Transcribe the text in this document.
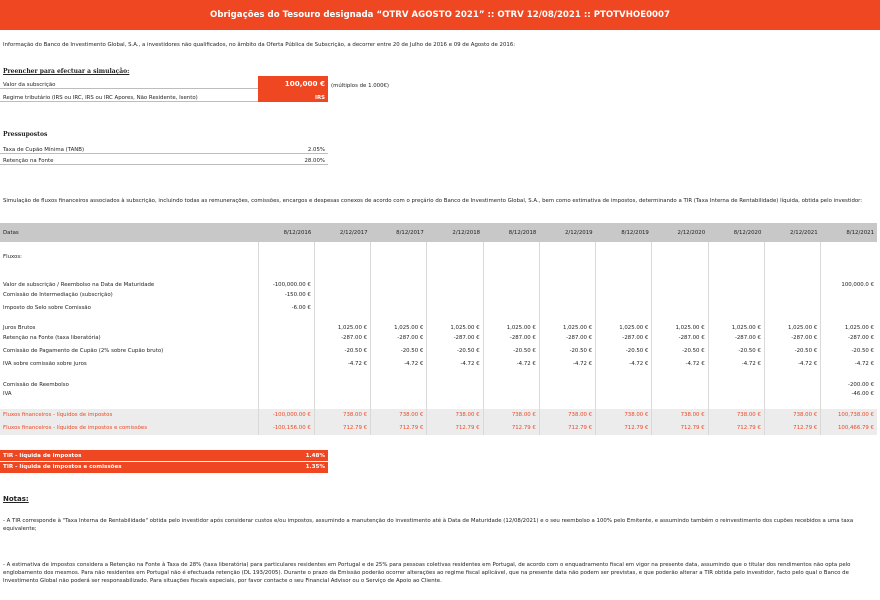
Obrigações do Tesouro designada “OTRV AGOSTO 2021” :: OTRV 12/08/2021 :: PTOTVHOE0007
Informação do Banco de Investimento Global, S.A., a investidores não qualificados, no âmbito da Oferta Pública de Subscrição, a decorrer entre 20 de Julho de 2016 e 09 de Agosto de 2016:
Preencher para efectuar a simulação:
Valor da subscrição	100,000 €	(múltiplos de 1.000€)
Regime tributário (IRS ou IRC, IRS ou IRC Apores, Não Residente, Isento)	IRS	
Pressupostos
Taxa de Cupão Mínima (TANB)	2.05%
Retenção na Fonte	28.00%
Simulação de fluxos financeiros associados à subscrição, incluindo todas as remunerações, comissões, encargos e despesas conexos de acordo com o preçário do Banco de Investimento Global, S.A., bem como estimativa de impostos, determinando a TIR (Taxa Interna de Rentabilidade) líquida, obtida pelo investidor:
Datas	8/12/2016	2/12/2017	8/12/2017	2/12/2018	8/12/2018	2/12/2019	8/12/2019	2/12/2020	8/12/2020	2/12/2021	8/12/2021

Fluxos:											

Valor de subscrição / Reembolso na Data de Maturidade	-100,000.00 €										100,000.0 €
Comissão de Intermediação (subscrição)	-150.00 €										
Imposto do Selo sobre Comissão	-6.00 €										
Juros Brutos		1,025.00 €	1,025.00 €	1,025.00 €	1,025.00 €	1,025.00 €	1,025.00 €	1,025.00 €	1,025.00 €	1,025.00 €	1,025.00 €
Retenção na Fonte (taxa liberatória)		-287.00 €	-287.00 €	-287.00 €	-287.00 €	-287.00 €	-287.00 €	-287.00 €	-287.00 €	-287.00 €	-287.00 €
Comissão de Pagamento de Cupão (2% sobre Cupão bruto)		-20.50 €	-20.50 €	-20.50 €	-20.50 €	-20.50 €	-20.50 €	-20.50 €	-20.50 €	-20.50 €	-20.50 €
IVA sobre comissão sobre juros		-4.72 €	-4.72 €	-4.72 €	-4.72 €	-4.72 €	-4.72 €	-4.72 €	-4.72 €	-4.72 €	-4.72 €
Comissão de Reembolso											-200.00 €
IVA											-46.00 €

Fluxos financeiros - líquidos de impostos	-100,000.00 €	738.00 €	738.00 €	738.00 €	738.00 €	738.00 €	738.00 €	738.00 €	738.00 €	738.00 €	100,738.00 €
Fluxos financeiros - líquidos de impostos e comissões	-100,156.00 €	712.79 €	712.79 €	712.79 €	712.79 €	712.79 €	712.79 €	712.79 €	712.79 €	712.79 €	100,466.79 €
TIR - líquida de impostos	1.48%
TIR - líquida de impostos e comissões	1.35%
Notas:
- A TIR corresponde à "Taxa Interna de Rentabilidade" obtida pelo investidor após considerar custos e/ou impostos, assumindo a manutenção do investimento até à Data de Maturidade (12/08/2021) e o seu reembolso a 100% pelo Emitente, e assumindo também o reinvestimento dos cupões recebidos a uma taxa equivalente;
- A estimativa de impostos considera a Retenção na Fonte à Taxa de 28% (taxa liberatória) para particulares residentes em Portugal e de 25% para pessoas coletivas residentes em Portugal, de acordo com o enquadramento fiscal em vigor na presente data, assumindo que o titular dos rendimentos não opta pelo englobamento dos mesmos. Para não residentes em Portugal não é efectuada retenção (DL 193/2005). Durante o prazo da Emissão poderão ocorrer alterações ao regime fiscal aplicável, que na presente data não podem ser previstas, e que poderão alterar a TIR obtida pelo investidor, facto pelo qual o Banco de Investimento Global não poderá ser responsabilizado. Para situações fiscais especiais, por favor contacte o seu Financial Advisor ou o Serviço de Apoio ao Cliente.
